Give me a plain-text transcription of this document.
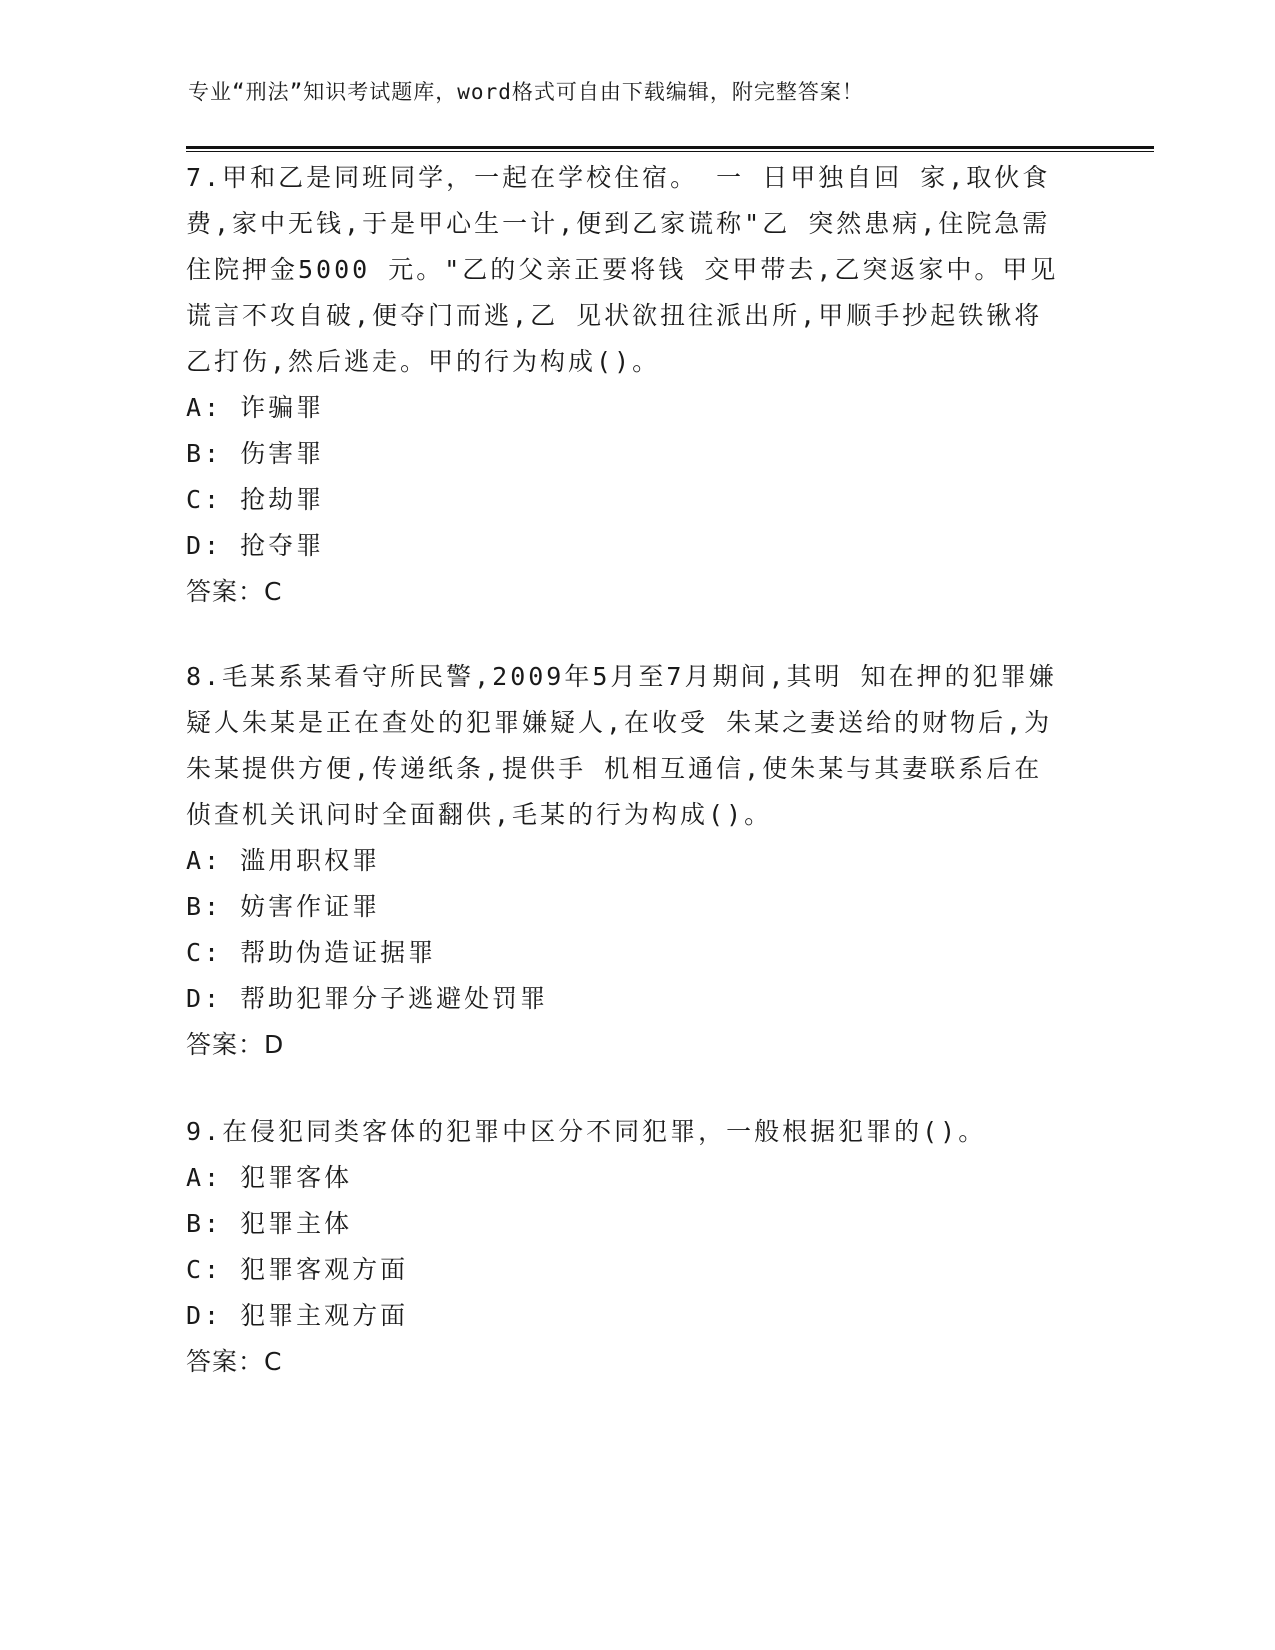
专业“刑法”知识考试题库，word格式可自由下载编辑，附完整答案！
7.甲和乙是同班同学，一起在学校住宿。 一 日甲独自回 家,取伙食
费,家中无钱,于是甲心生一计,便到乙家谎称"乙 突然患病,住院急需
住院押金5000 元。"乙的父亲正要将钱 交甲带去,乙突返家中。甲见
谎言不攻自破,便夺门而逃,乙 见状欲扭往派出所,甲顺手抄起铁锹将
乙打伤,然后逃走。甲的行为构成()。
A: 诈骗罪
B: 伤害罪
C: 抢劫罪
D: 抢夺罪
答案：C
8.毛某系某看守所民警,2009年5月至7月期间,其明 知在押的犯罪嫌
疑人朱某是正在查处的犯罪嫌疑人,在收受 朱某之妻送给的财物后,为
朱某提供方便,传递纸条,提供手 机相互通信,使朱某与其妻联系后在
侦查机关讯问时全面翻供,毛某的行为构成()。
A: 滥用职权罪
B: 妨害作证罪
C: 帮助伪造证据罪
D: 帮助犯罪分子逃避处罚罪
答案：D
9.在侵犯同类客体的犯罪中区分不同犯罪，一般根据犯罪的()。
A: 犯罪客体
B: 犯罪主体
C: 犯罪客观方面
D: 犯罪主观方面
答案：C
